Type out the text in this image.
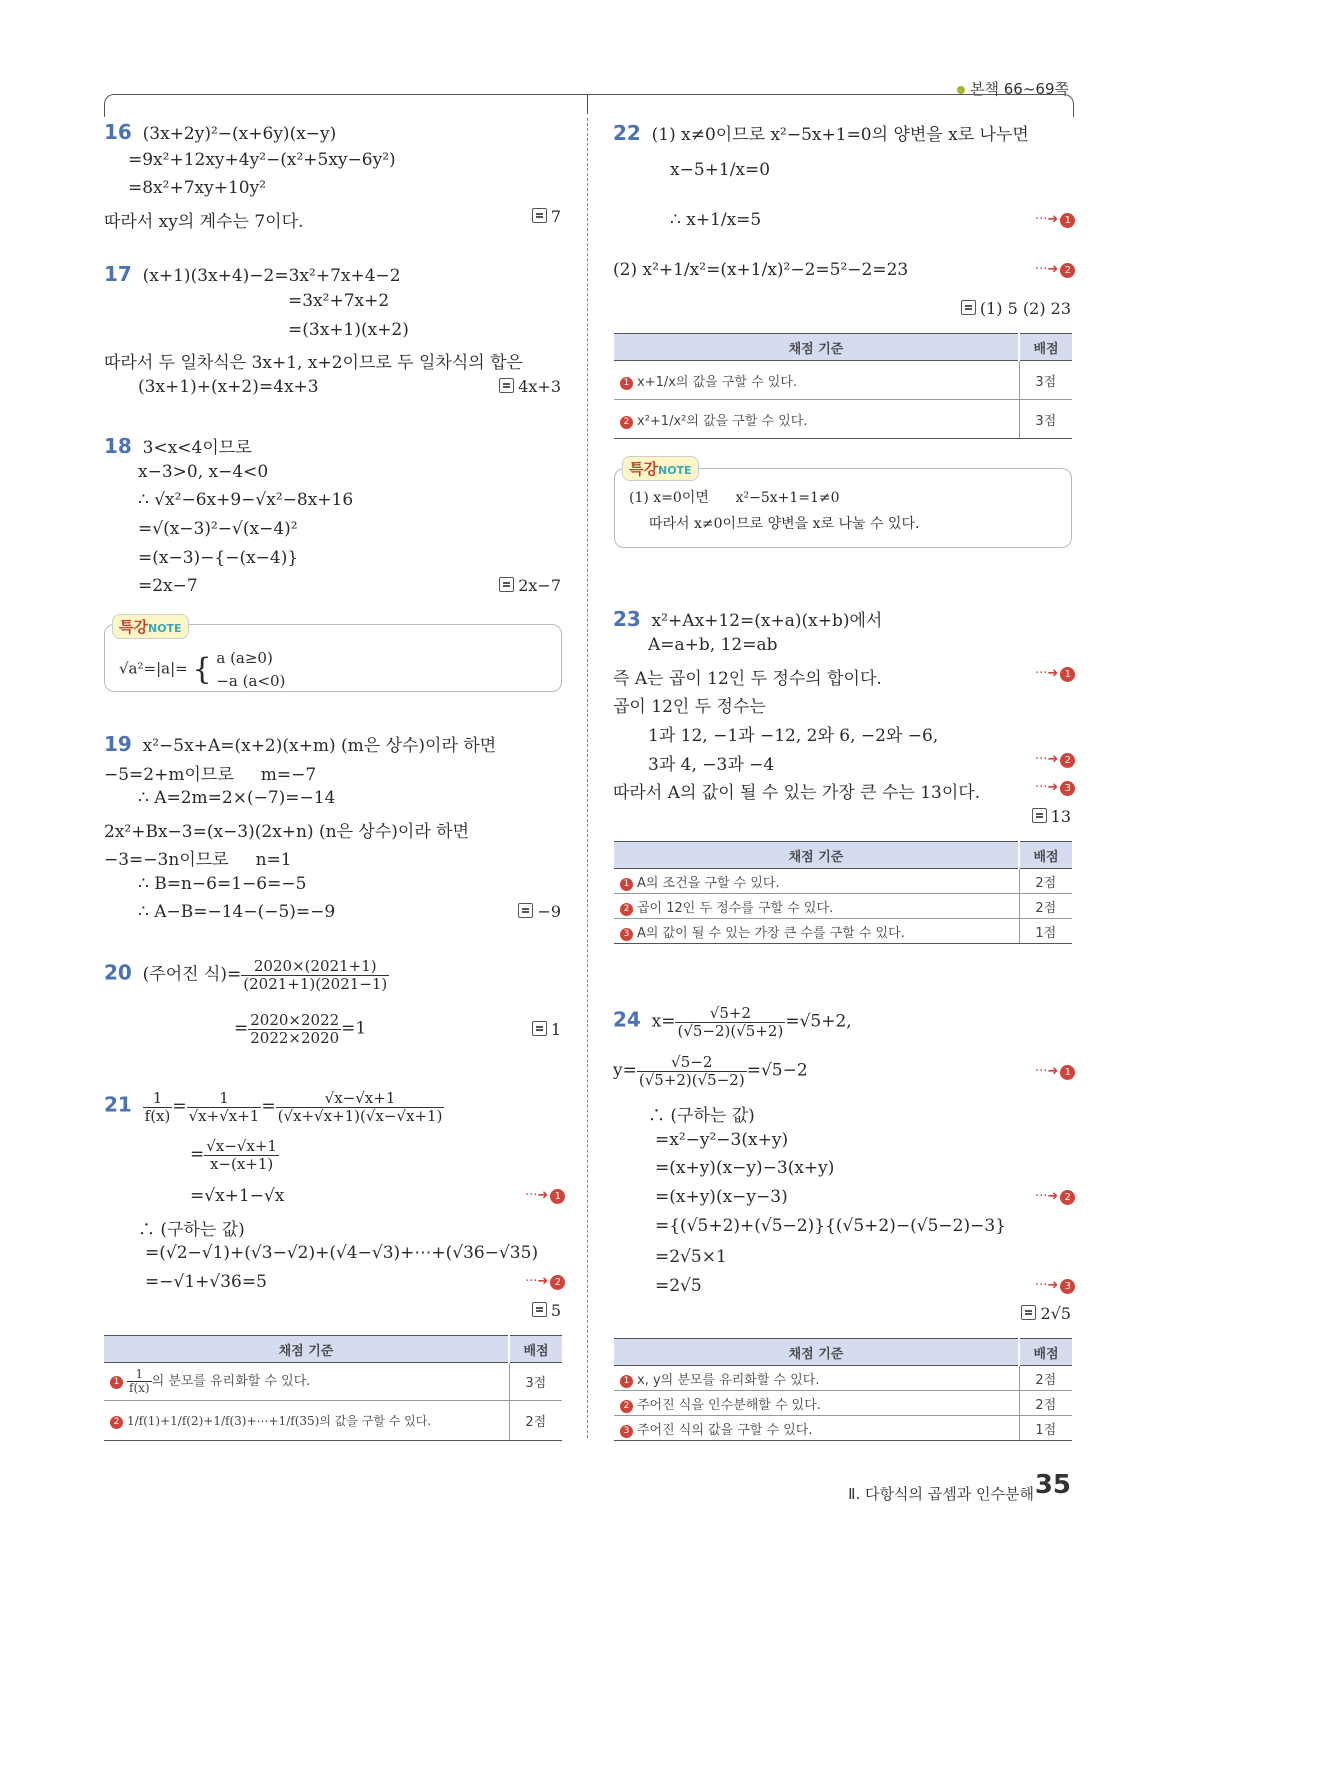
본책 66~69쪽
16 (3x+2y)²−(x+6y)(x−y)
=9x²+12xy+4y²−(x²+5xy−6y²)
=8x²+7xy+10y²
따라서 xy의 계수는 7이다.	7
17 (x+1)(3x+4)−2=3x²+7x+4−2
=3x²+7x+2
=(3x+1)(x+2)
따라서 두 일차식은 3x+1, x+2이므로 두 일차식의 합은
(3x+1)+(x+2)=4x+3	4x+3
18 3<x<4이므로
x−3>0, x−4<0
∴ √x²−6x+9−√x²−8x+16
=√(x−3)²−√(x−4)²
=(x−3)−{−(x−4)}
=2x−7	2x−7
√a²=|a|= { a (a≥0)
−a (a<0)
특강NOTE
19 x²−5x+A=(x+2)(x+m) (m은 상수)이라 하면
−5=2+m이므로     m=−7
∴ A=2m=2×(−7)=−14
2x²+Bx−3=(x−3)(2x+n) (n은 상수)이라 하면
−3=−3n이므로     n=1
∴ B=n−6=1−6=−5
∴ A−B=−14−(−5)=−9	−9
20 (주어진 식)= $\frac{2020\times(2021+1)}{(2021+1)(2021-1)}$
= $\frac{2020\times 2022}{2022\times 2020} =1$	1
$21 \frac{1}{f(x)} = \frac{1}{√x+√x+1} = \frac{√x-√x+1}{(√x+√x+1)(√x-√x+1)}$
= $\frac{√x-√x+1}{x-(x+1)}$
=√x+1−√x	···➜ 1
∴ (구하는 값)
=(√2−√1)+(√3−√2)+(√4−√3)+⋯+(√36−√35)
=−√1+√36=5	···➜ 2
5
채점 기준	배점
$1 \frac{1}{f(x)}$ 의 분모를 유리화할 수 있다.	3점
2 1/f(1)+1/f(2)+1/f(3)+⋯+1/f(35)의 값을 구할 수 있다.	2점
22 (1) x≠0이므로 x²−5x+1=0의 양변을 x로 나누면
x−5+1/x=0
∴ x+1/x=5	···➜ 1
(2) x²+1/x²=(x+1/x)²−2=5²−2=23	···➜ 2
(1) 5 (2) 23
채점 기준	배점
1 x+1/x의 값을 구할 수 있다.	3점
2 x²+1/x²의 값을 구할 수 있다.	3점
(1) x=0이면 x²−5x+1=1≠0
따라서 x≠0이므로 양변을 x로 나눌 수 있다.
특강NOTE
23 x²+Ax+12=(x+a)(x+b)에서
A=a+b, 12=ab
즉 A는 곱이 12인 두 정수의 합이다.	···➜ 1
곱이 12인 두 정수는
1과 12, −1과 −12, 2와 6, −2와 −6,
3과 4, −3과 −4	···➜ 2
따라서 A의 값이 될 수 있는 가장 큰 수는 13이다.	···➜ 3
13
채점 기준	배점
1 A의 조건을 구할 수 있다.	2점
2 곱이 12인 두 정수를 구할 수 있다.	2점
3 A의 값이 될 수 있는 가장 큰 수를 구할 수 있다.	1점
24  $x= \frac{√5+2}{(√5-2)(√5+2)} =√5+2$,
$y= \frac{√5-2}{(√5+2)(√5-2)} =√5-2$	···➜ 1
∴ (구하는 값)
=x²−y²−3(x+y)
=(x+y)(x−y)−3(x+y)
=(x+y)(x−y−3)	···➜ 2
={(√5+2)+(√5−2)}{(√5+2)−(√5−2)−3}
=2√5×1
=2√5	···➜ 3
2√5
채점 기준	배점
1 x, y의 분모를 유리화할 수 있다.	2점
2 주어진 식을 인수분해할 수 있다.	2점
3 주어진 식의 값을 구할 수 있다.	1점
Ⅱ. 다항식의 곱셈과 인수분해 35
